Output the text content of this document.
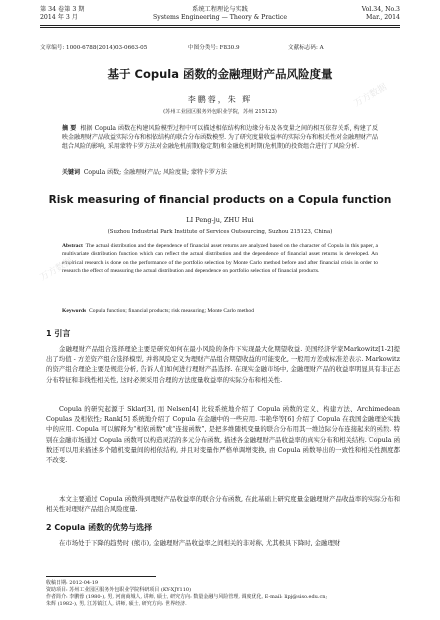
第 34 卷第 3 期
2014 年 3 月
系统工程理论与实践
Systems Engineering — Theory & Practice
Vol.34, No.3
Mar., 2014
文章编号: 1000-6788(2014)03-0663-05	中图分类号: F830.9	文献标志码: A
基于 Copula 函数的金融理财产品风险度量
李鹏蓉，朱 辉
(苏州工业园区服务外包职业学院，苏州 215123)
摘 要 根据 Copula 函数在构建风险模型过程中可以描述相依结构和边缘分布及各变量之间的相互依存关系, 构建了反映金融理财产品收益实际分布和相依结构的联合分布函数模型. 为了研究度量收益率的实际分布和相关性对金融理财产品组合风险的影响, 采用蒙特卡罗方法对金融危机前期(稳定期)和金融危机时期(危机期)的投资组合进行了风险分析.
关键词 Copula 函数; 金融理财产品; 风险度量; 蒙特卡罗方法
Risk measuring of financial products on a Copula function
LI Peng-ju, ZHU Hui
(Suzhou Industrial Park Institute of Services Outsourcing, Suzhou 215123, China)
Abstract The actual distribution and the dependence of financial asset returns are analyzed based on the character of Copula in this paper, a multivariate distribution function which can reflect the actual distribution and the dependence of financial asset returns is developed. An empirical research is done on the performance of the portfolio selection by Monte Carlo method before and after financial crisis in order to research the effect of measuring the actual distribution and dependence on portfolio selection of financial products.
Keywords Copula function; financial products; risk measuring; Monte Carlo method
1 引言
金融理财产品组合选择理论主要是研究如何在最小风险的条件下实现最大化期望收益. 美国经济学家Markowitz[1-2]提出了均值 - 方差资产组合选择模型, 并将风险定义为理财产品组合期望收益的可能变化, 一般用方差或标准差表示. Markowitz 的资产组合理论主要是规范分析, 告诉人们如何进行理财产品选择. 在现实金融市场中, 金融理财产品的收益率明显具有非正态分布特征和非线性相关性, 这时必须采用合理的方法度量收益率的实际分布和相关性.
Copula 的研究起源于 Sklar[3], 而 Nelsen[4] 比较系统地介绍了 Copula 函数的定义、构建方法、Archimedean Copulas 及相依性; Rank[5] 系统地介绍了 Copula 在金融中的一些应用. 韦艳华等[6] 介绍了 Copula 在我国金融理论实践中的应用. Copula 可以解释为“相依函数”或“连接函数”, 是把多维随机变量的联合分布用其一维边际分布连接起来的函数. 特别在金融市场通过 Copula 函数可以构造灵活的多元分布函数, 描述各金融理财产品收益率的真实分布和相关结构. Copula 函数还可以用来描述多个随机变量间的相依结构, 并且对变量作严格单调增变换, 由 Copula 函数导出的一致性和相关性测度都不改变.
本文主要通过 Copula 函数得到理财产品收益率的联合分布函数, 在此基础上研究度量金融理财产品收益率的实际分布和相关性对理财产品组合风险度量.
2 Copula 函数的优势与选择
在市场处于下降的趋势时 (熊市), 金融理财产品收益率之间相关的非对称, 尤其极具下降时, 金融理财
收稿日期: 2012-04-19
资助项目: 苏州工业园区服务外包职业学院科研项目 (KY-XJY110)
作者简介: 李鹏蓉 (1980-), 男, 河南商城人, 讲师, 硕士, 研究方向: 数量金融与风险管理, 调度优化, E-mail: lipj@siso.edu.cn;
朱辉 (1982-), 男, 江苏镇江人, 讲师, 硕士, 研究方向: 世界经济.
万方数据
万方数据
万方数据
